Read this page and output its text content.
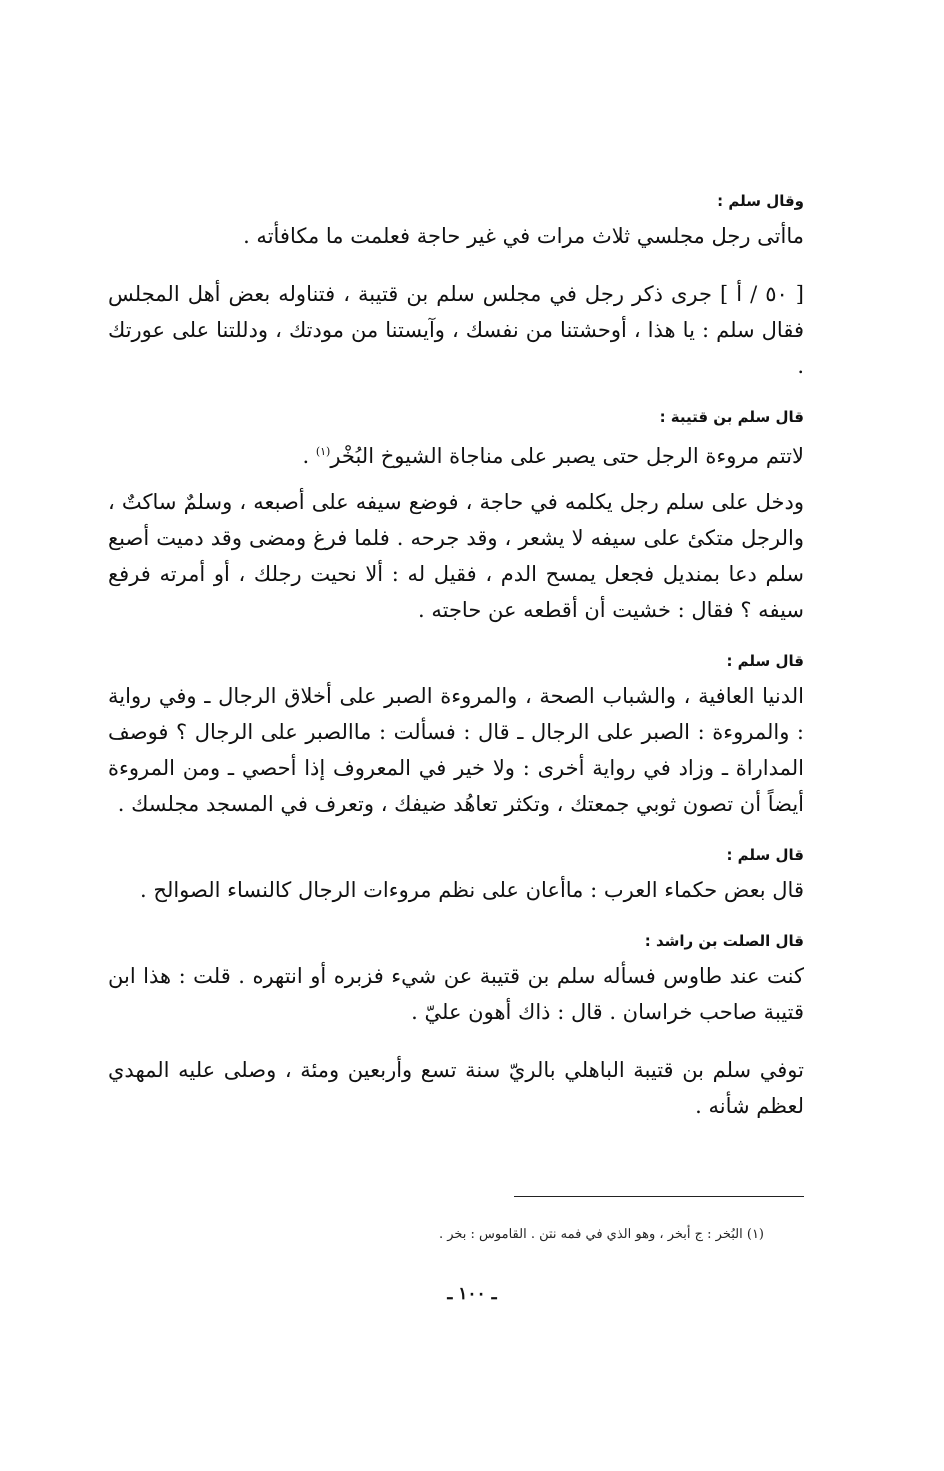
وقال سلم :

ماأتى رجل مجلسي ثلاث مرات في غير حاجة فعلمت ما مكافأته .

[ ٥٠ / أ ] جرى ذكر رجل في مجلس سلم بن قتيبة ، فتناوله بعض أهل المجلس فقال سلم : يا هذا ، أوحشتنا من نفسك ، وآيستنا من مودتك ، ودللتنا على عورتك .

قال سلم بن قتيبة :

لاتتم مروءة الرجل حتى يصبر على مناجاة الشيوخ البُخْر$^{(١)}$ .

ودخل على سلم رجل يكلمه في حاجة ، فوضع سيفه على أصبعه ، وسلمٌ ساكتٌ ، والرجل متكئ على سيفه لا يشعر ، وقد جرحه . فلما فرغ ومضى وقد دميت أصبع سلم دعا بمنديل فجعل يمسح الدم ، فقيل له : ألا نحيت رجلك ، أو أمرته فرفع سيفه ؟ فقال : خشيت أن أقطعه عن حاجته .

قال سلم :

الدنيا العافية ، والشباب الصحة ، والمروءة الصبر على أخلاق الرجال ـ وفي رواية : والمروءة : الصبر على الرجال ـ قال : فسألت : ماالصبر على الرجال ؟ فوصف المداراة ـ وزاد في رواية أخرى : ولا خير في المعروف إذا أحصي ـ ومن المروءة أيضاً أن تصون ثوبي جمعتك ، وتكثر تعاهُد ضيفك ، وتعرف في المسجد مجلسك .

قال سلم :

قال بعض حكماء العرب : ماأعان على نظم مروءات الرجال كالنساء الصوالح .

قال الصلت بن راشد :

كنت عند طاوس فسأله سلم بن قتيبة عن شيء فزبره أو انتهره . قلت : هذا ابن قتيبة صاحب خراسان . قال : ذاك أهون عليّ .

توفي سلم بن قتيبة الباهلي بالريّ سنة تسع وأربعين ومئة ، وصلى عليه المهدي لعظم شأنه .

(١) البُخر : ج أبخر ، وهو الذي في فمه نتن . القاموس : بخر .
ـ ١٠٠ ـ
